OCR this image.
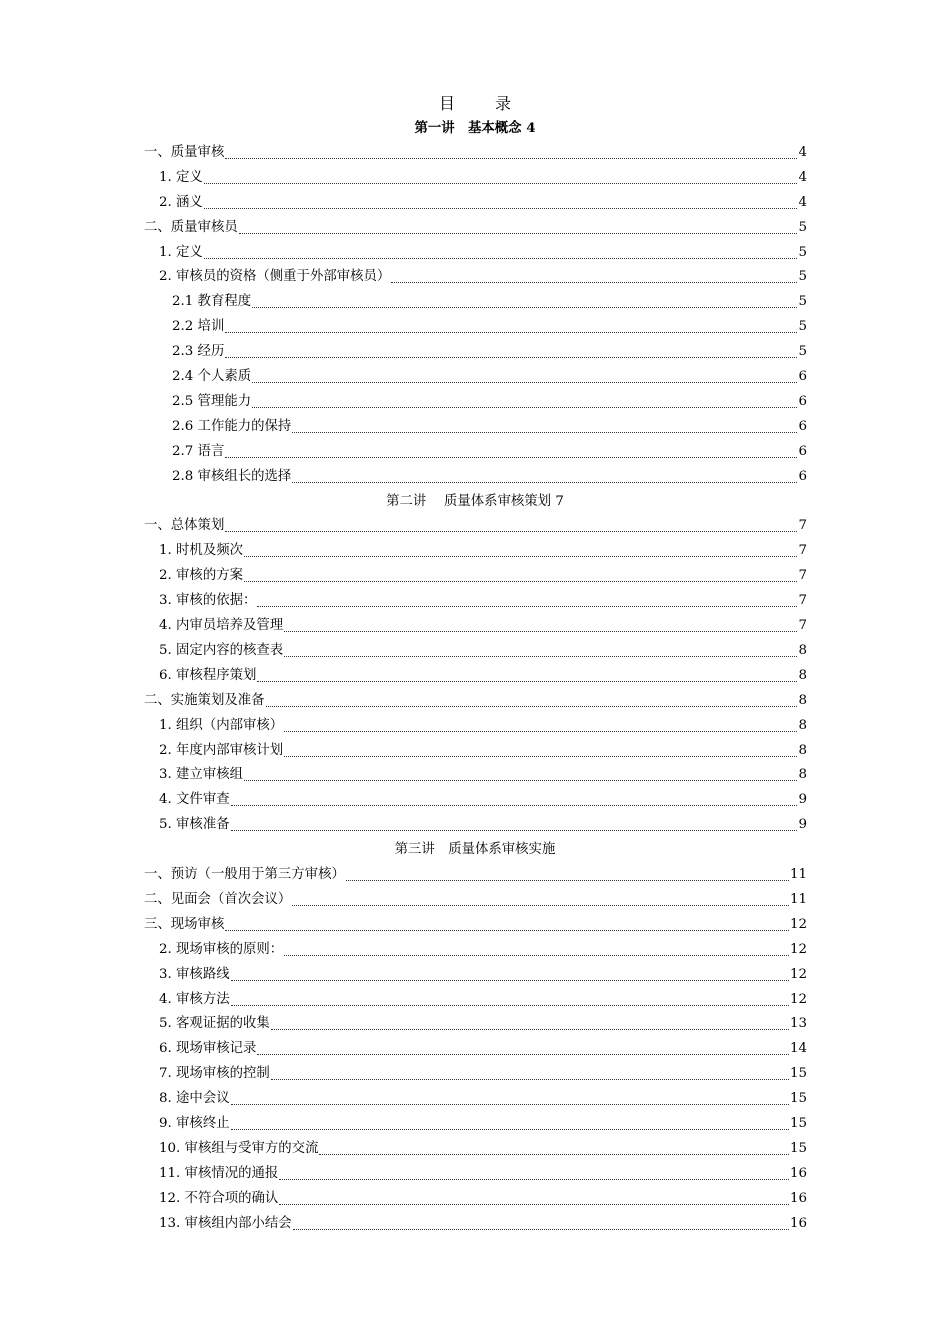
目	录
第一讲　基本概念 4
一、质量审核	4
1. 定义	4
2. 涵义	4
二、质量审核员	5
1. 定义	5
2. 审核员的资格（侧重于外部审核员）	5
2.1 教育程度	5
2.2 培训	5
2.3 经历	5
2.4 个人素质	6
2.5 管理能力	6
2.6 工作能力的保持	6
2.7 语言	6
2.8 审核组长的选择	6
第二讲　 质量体系审核策划 7
一、总体策划	7
1. 时机及频次	7
2. 审核的方案	7
3. 审核的依据：	7
4. 内审员培养及管理	7
5. 固定内容的核查表	8
6. 审核程序策划	8
二、实施策划及准备	8
1. 组织（内部审核）	8
2. 年度内部审核计划	8
3. 建立审核组	8
4. 文件审查	9
5. 审核准备	9
第三讲　质量体系审核实施
一、预访（一般用于第三方审核）	11
二、见面会（首次会议）	11
三、现场审核	12
2. 现场审核的原则：	12
3. 审核路线	12
4. 审核方法	12
5. 客观证据的收集	13
6. 现场审核记录	14
7. 现场审核的控制	15
8. 途中会议	15
9. 审核终止	15
10. 审核组与受审方的交流	15
11. 审核情况的通报	16
12. 不符合项的确认	16
13. 审核组内部小结会	16
